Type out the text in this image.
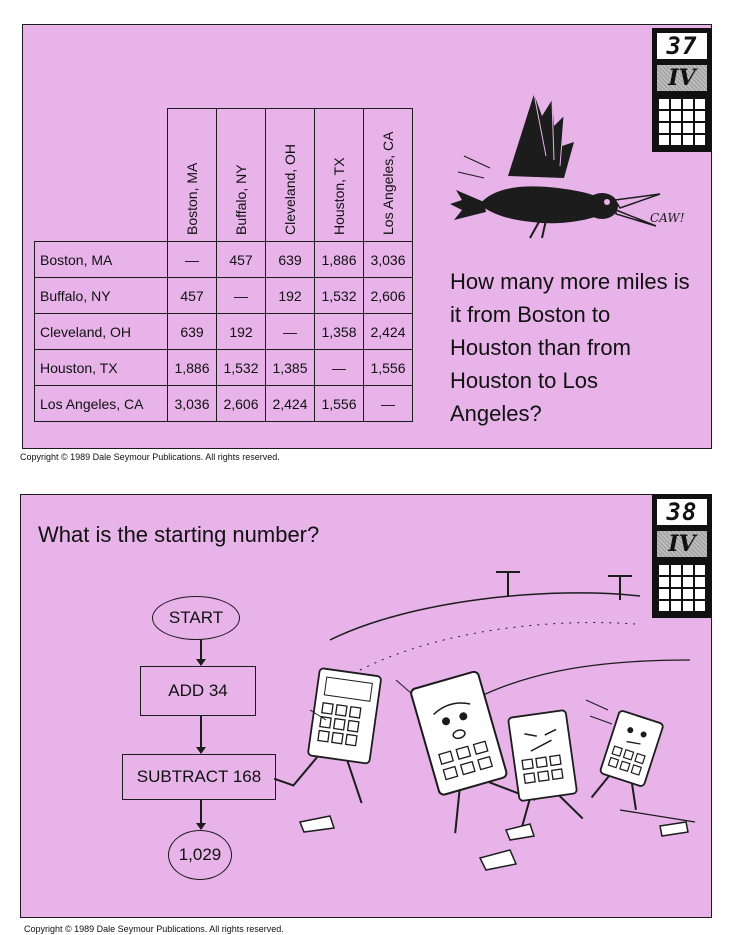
37
IV

	Boston, MA	Buffalo, NY	Cleveland, OH	Houston, TX	Los Angeles, CA

Boston, MA	—	457	639	1,886	3,036
Buffalo, NY	457	—	192	1,532	2,606
Cleveland, OH	639	192	—	1,358	2,424
Houston, TX	1,886	1,532	1,385	—	1,556
Los Angeles, CA	3,036	2,606	2,424	1,556	—
CAW!
How many more miles is it from Boston to Houston than from Houston to Los Angeles?
Copyright © 1989 Dale Seymour Publications. All rights reserved.
38
IV
What is the starting number?
START
ADD 34
SUBTRACT 168
1,029
Copyright © 1989 Dale Seymour Publications. All rights reserved.
